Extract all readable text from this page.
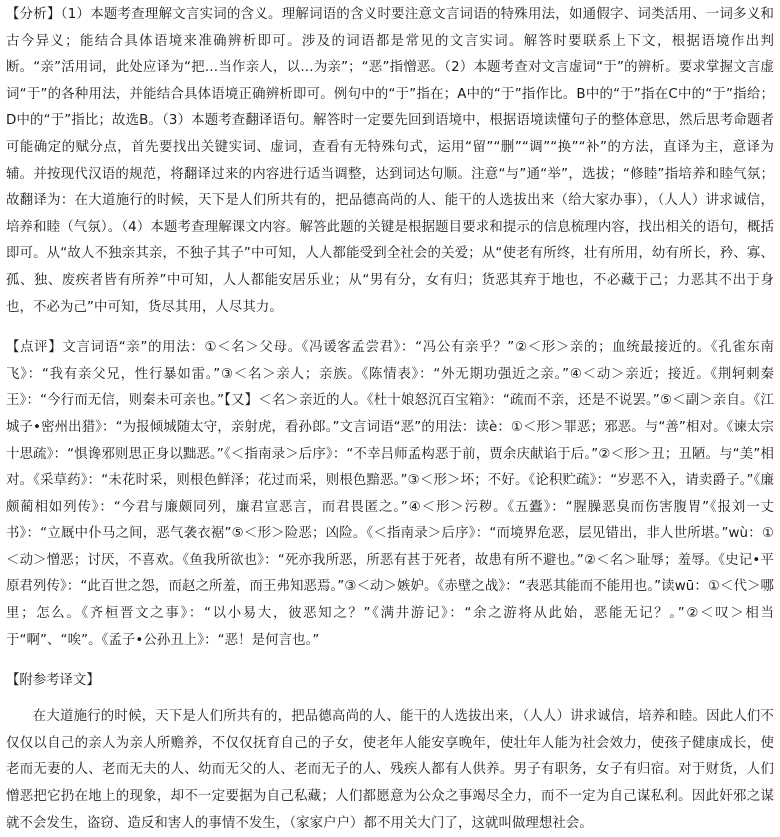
【分析】（1）本题考查理解文言实词的含义。理解词语的含义时要注意文言词语的特殊用法，如通假字、词类活用、一词多义和古今异义；能结合具体语境来准确辨析即可。涉及的词语都是常见的文言实词。解答时要联系上下文，根据语境作出判断。“亲”活用词，此处应译为“把…当作亲人，以…为亲”；“恶”指憎恶。（2）本题考查对文言虚词“于”的辨析。要求掌握文言虚词“于”的各种用法，并能结合具体语境正确辨析即可。例句中的“于”指在；A中的“于”指作比。B中的“于”指在C中的“于”指给；D中的“于”指比；故选B。（3）本题考查翻译语句。解答时一定要先回到语境中，根据语境读懂句子的整体意思，然后思考命题者可能确定的赋分点，首先要找出关键实词、虚词，查看有无特殊句式，运用“留”“删”“调”“换”“补”的方法，直译为主，意译为辅。并按现代汉语的规范，将翻译过来的内容进行适当调整，达到词达句顺。注意“与”通“举”，选拔；“修睦”指培养和睦气氛；故翻译为：在大道施行的时候，天下是人们所共有的，把品德高尚的人、能干的人选拔出来（给大家办事），（人人）讲求诚信，培养和睦（气氛）。（4）本题考查理解课文内容。解答此题的关键是根据题目要求和提示的信息梳理内容，找出相关的语句，概括即可。从“故人不独亲其亲，不独子其子”中可知，人人都能受到全社会的关爱；从“使老有所终，壮有所用，幼有所长，矜、寡、孤、独、废疾者皆有所养”中可知，人人都能安居乐业；从“男有分，女有归；货恶其弃于地也，不必藏于己；力恶其不出于身也，不必为己”中可知，货尽其用，人尽其力。

【点评】文言词语“亲”的用法：①＜名＞父母。《冯谖客孟尝君》：“冯公有亲乎？”②＜形＞亲的；血统最接近的。《孔雀东南飞》：“我有亲父兄，性行暴如雷。”③＜名＞亲人；亲族。《陈情表》：“外无期功强近之亲。”④＜动＞亲近；接近。《荆轲刺秦王》：“今行而无信，则秦未可亲也。”【又】＜名＞亲近的人。《杜十娘怒沉百宝箱》：“疏而不亲，还是不说罢。”⑤＜副＞亲自。《江城子•密州出猎》：“为报倾城随太守，亲射虎，看孙郎。”文言词语“恶”的用法：读è：①＜形＞罪恶；邪恶。与“善”相对。《谏太宗十思疏》：“惧谗邪则思正身以黜恶。”《＜指南录＞后序》：“不幸吕师孟构恶于前，贾余庆献谄于后。”②＜形＞丑；丑陋。与“美”相对。《采草药》：“未花时采，则根色鲜泽；花过而采，则根色黯恶。”③＜形＞坏；不好。《论积贮疏》：“岁恶不入，请卖爵子。”《廉颇蔺相如列传》：“今君与廉颇同列，廉君宣恶言，而君畏匿之。”④＜形＞污秽。《五蠹》：“腥臊恶臭而伤害腹胃”《报刘一丈书》：“立厩中仆马之间，恶气袭衣裾”⑤＜形＞险恶；凶险。《＜指南录＞后序》：“而境界危恶，层见错出，非人世所堪。”wù：①＜动＞憎恶；讨厌，不喜欢。《鱼我所欲也》：“死亦我所恶，所恶有甚于死者，故患有所不避也。”②＜名＞耻辱；羞辱。《史记•平原君列传》：“此百世之怨，而赵之所羞，而王弗知恶焉。”③＜动＞嫉妒。《赤壁之战》：“表恶其能而不能用也。”读wū：①＜代＞哪里；怎么。《齐桓晋文之事》：“以小易大，彼恶知之？”《满井游记》：“余之游将从此始，恶能无记？。”②＜叹＞相当于“啊”、“唉”。《孟子•公孙丑上》：“恶！是何言也。”

【附参考译文】

在大道施行的时候，天下是人们所共有的，把品德高尚的人、能干的人选拔出来，（人人）讲求诚信，培养和睦。因此人们不仅仅以自己的亲人为亲人所赡养，不仅仅抚育自己的子女，使老年人能安享晚年，使壮年人能为社会效力，使孩子健康成长，使老而无妻的人、老而无夫的人、幼而无父的人、老而无子的人、残疾人都有人供养。男子有职务，女子有归宿。对于财货，人们憎恶把它扔在地上的现象，却不一定要据为自己私藏；人们都愿意为公众之事竭尽全力，而不一定为自己谋私利。因此奸邪之谋就不会发生，盗窃、造反和害人的事情不发生，（家家户户）都不用关大门了，这就叫做理想社会。
